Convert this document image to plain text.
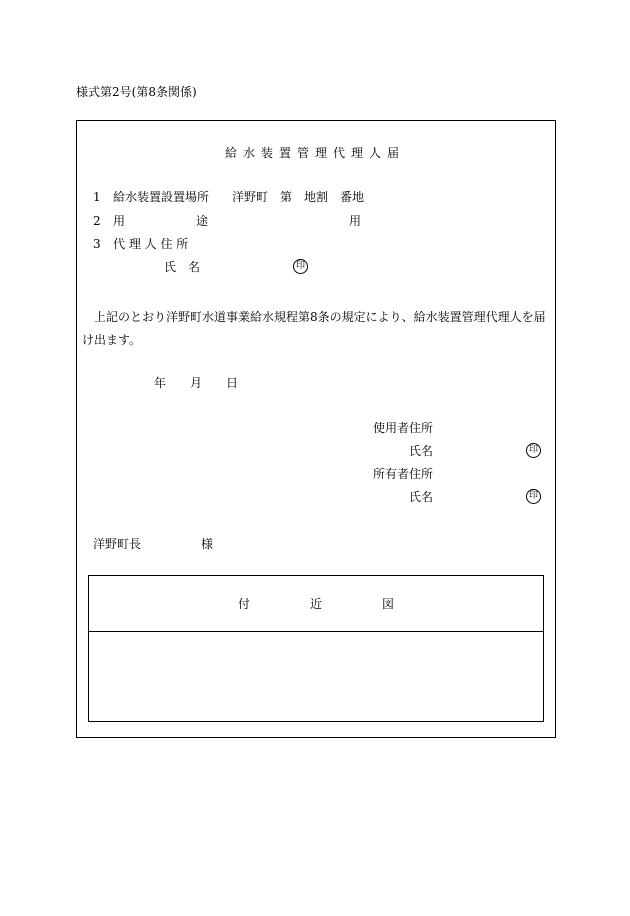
様式第2号(第8条関係)
給水装置管理代理人届
1 給水装置設置場所 洋野町　第　地割　番地
2 用	途	用
3 代 理 人 住 所
氏　名	印
上記のとおり洋野町水道事業給水規程第8条の規定により、給水装置管理代理人を届け出ます。
年 月 日
使用者住所
氏名	印
所有者住所
氏名	印
洋野町長	様
付	近	図
